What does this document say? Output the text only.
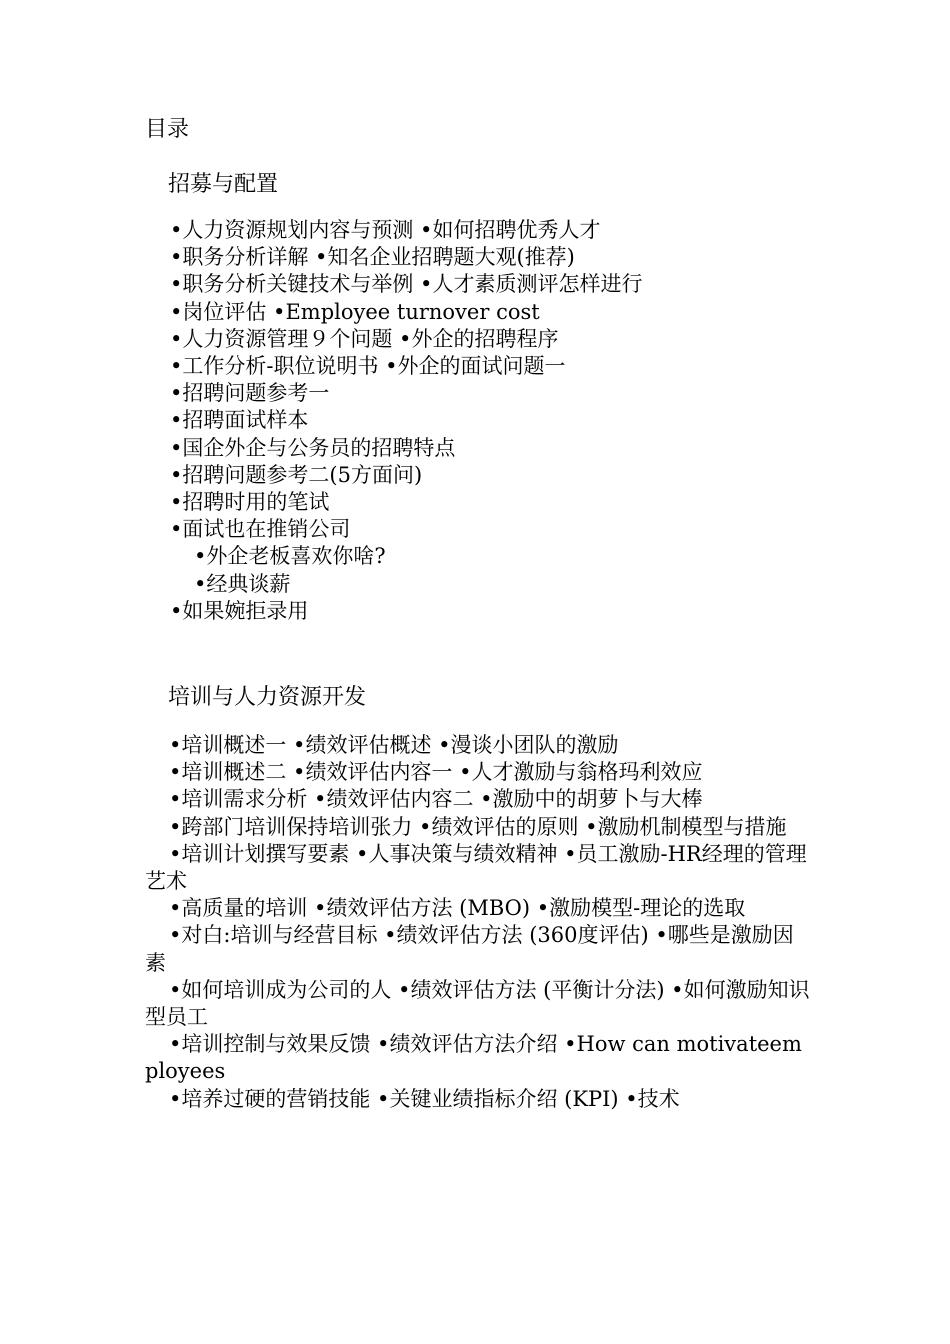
目录
招募与配置
•人力资源规划内容与预测 •如何招聘优秀人才
•职务分析详解 •知名企业招聘题大观(推荐)
•职务分析关键技术与举例 •人才素质测评怎样进行
•岗位评估 •Employee turnover cost
•人力资源管理９个问题 •外企的招聘程序
•工作分析-职位说明书 •外企的面试问题一
•招聘问题参考一
•招聘面试样本
•国企外企与公务员的招聘特点
•招聘问题参考二(5方面问)
•招聘时用的笔试
•面试也在推销公司
•外企老板喜欢你啥?
•经典谈薪
•如果婉拒录用
培训与人力资源开发
•培训概述一 •绩效评估概述 •漫谈小团队的激励
•培训概述二 •绩效评估内容一 •人才激励与翁格玛利效应
•培训需求分析 •绩效评估内容二 •激励中的胡萝卜与大棒
•跨部门培训保持培训张力 •绩效评估的原则 •激励机制模型与措施
•培训计划撰写要素 •人事决策与绩效精神 •员工激励-HR经理的管理艺术
•高质量的培训 •绩效评估方法 (MBO) •激励模型-理论的选取
•对白:培训与经营目标 •绩效评估方法 (360度评估) •哪些是激励因素
•如何培训成为公司的人 •绩效评估方法 (平衡计分法) •如何激励知识型员工
•培训控制与效果反馈 •绩效评估方法介绍 •How can motivateemployees
•培养过硬的营销技能 •关键业绩指标介绍 (KPI) •技术
